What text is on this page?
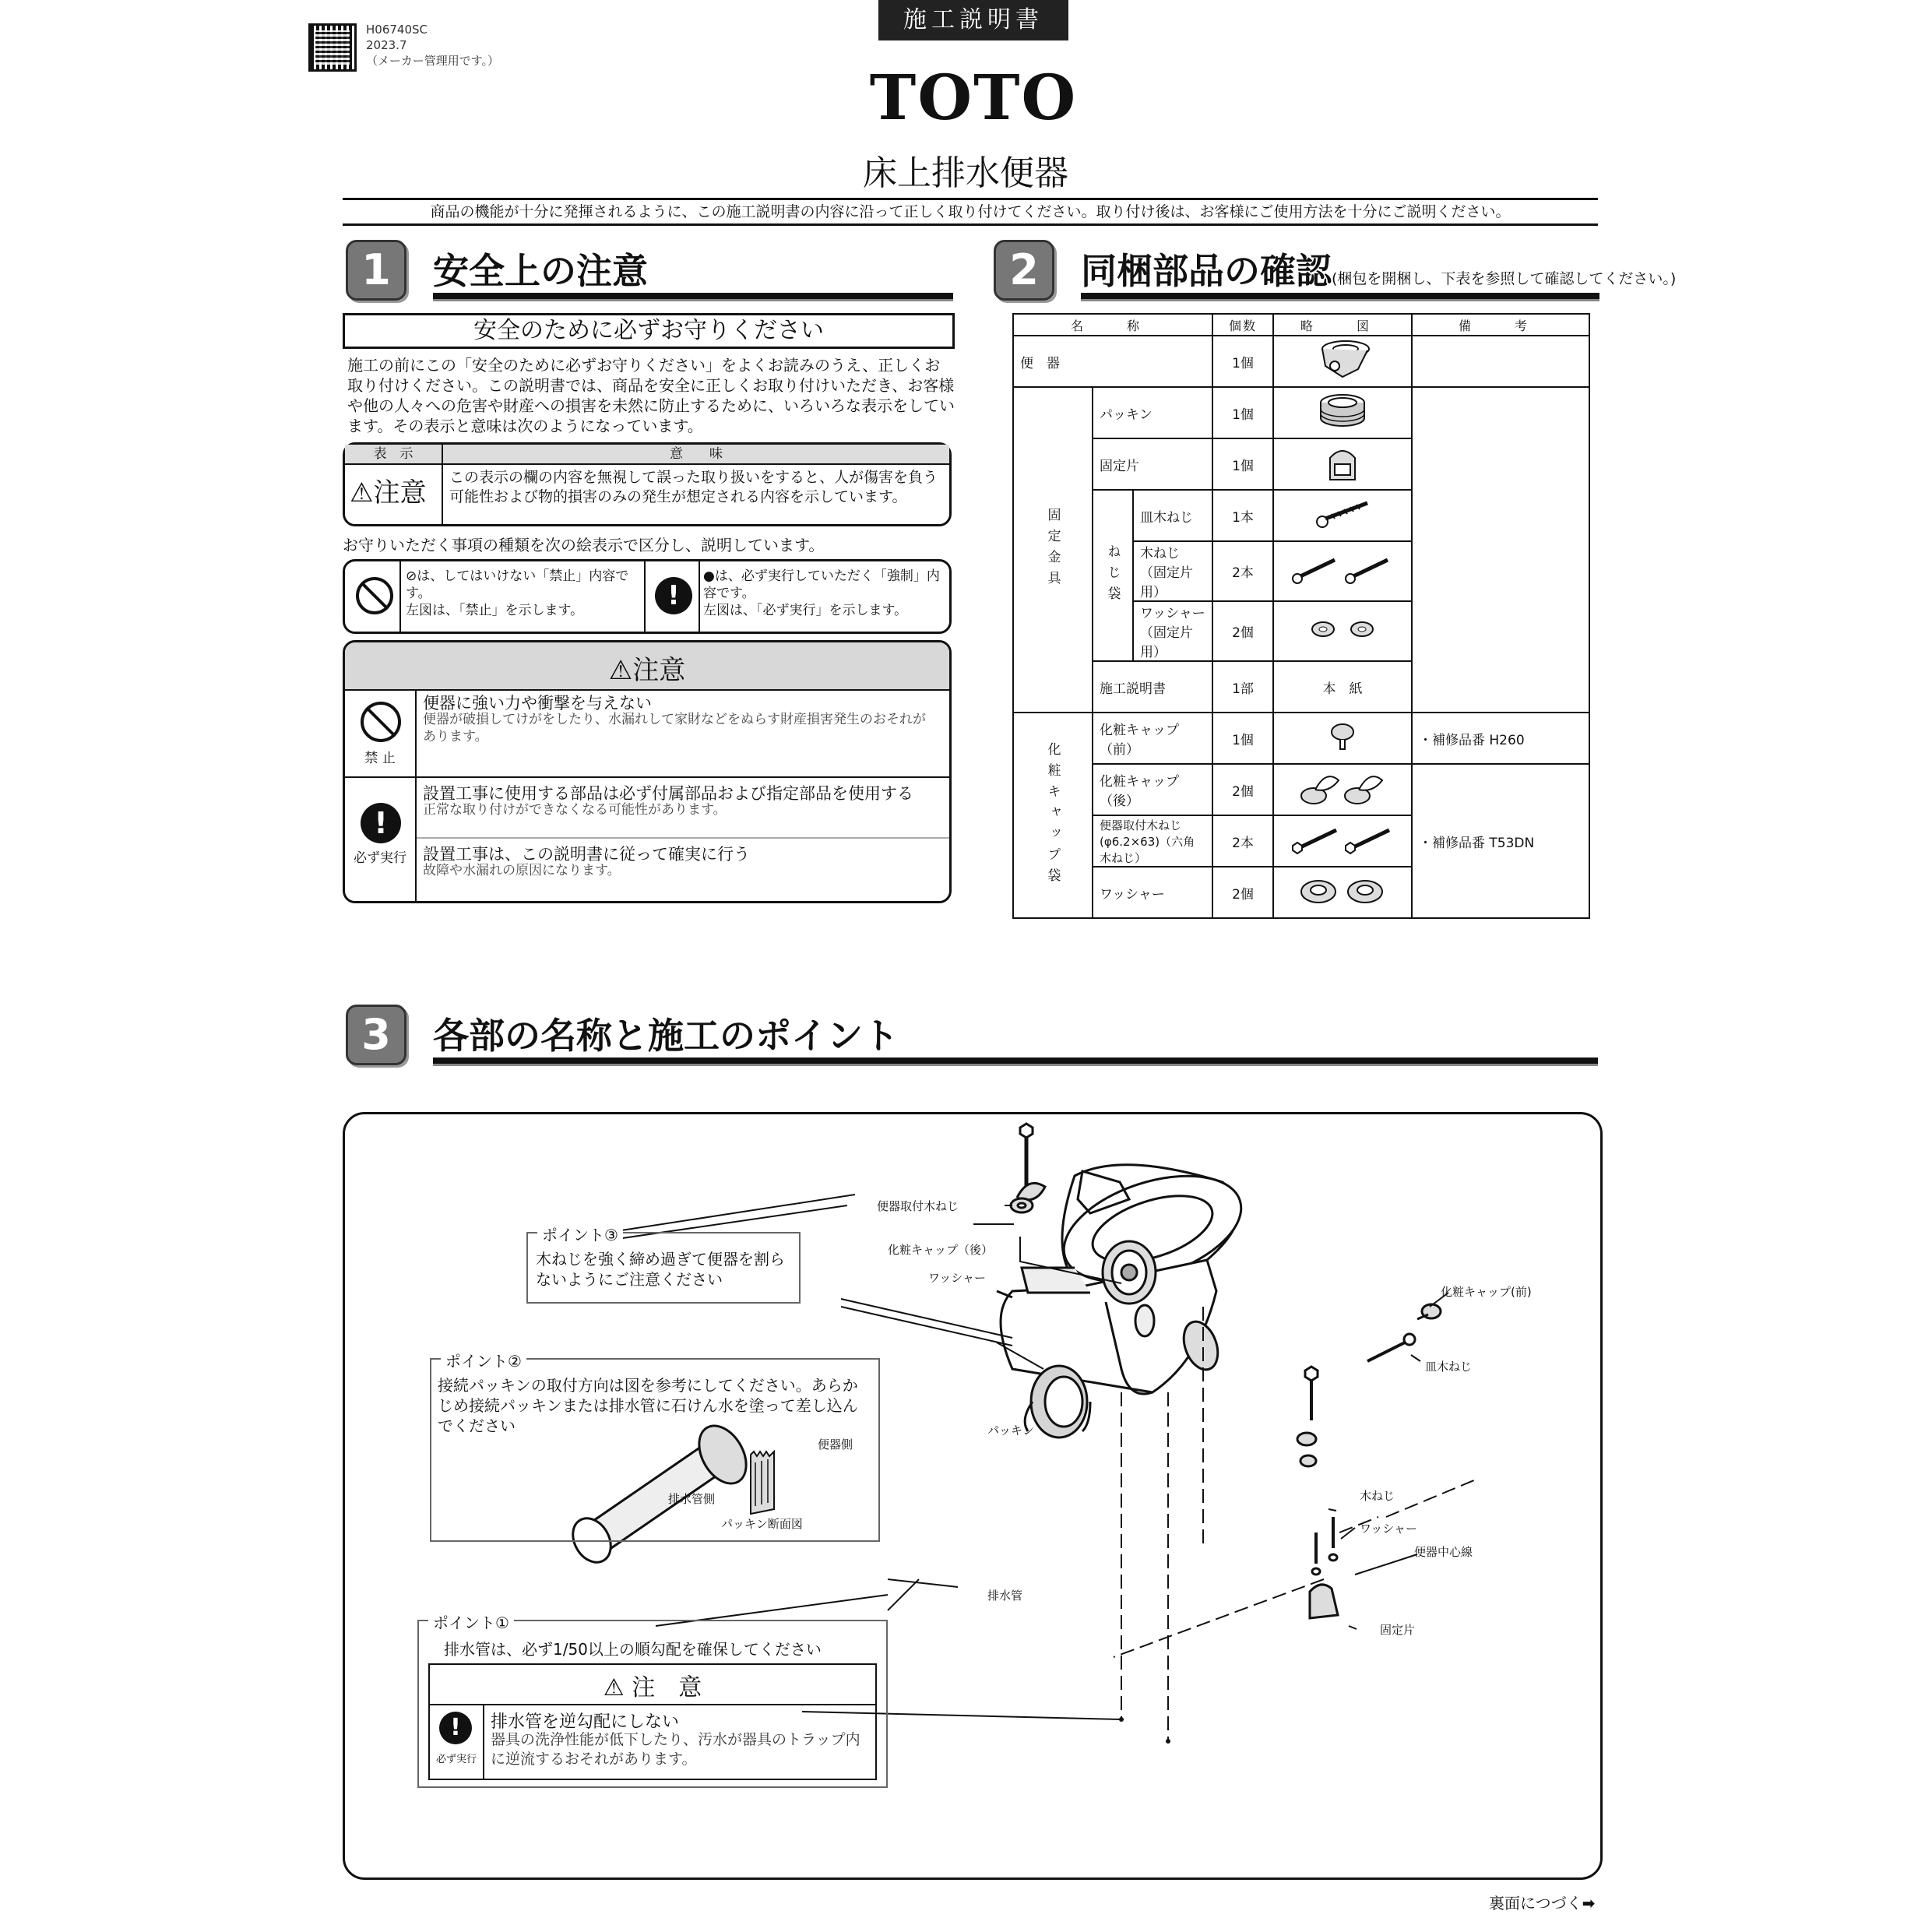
H06740SC
2023.7
（メーカー管理用です。）
施工説明書
TOTO
床上排水便器
商品の機能が十分に発揮されるように、この施工説明書の内容に沿って正しく取り付けてください。取り付け後は、お客様にご使用方法を十分にご説明ください。
1	安全上の注意
安全のために必ずお守りください
施工の前にこの「安全のために必ずお守りください」をよくお読みのうえ、正しくお取り付けください。この説明書では、商品を安全に正しくお取り付けいただき、お客様や他の人々への危害や財産への損害を未然に防止するために、いろいろな表示をしています。その表示と意味は次のようになっています。
表　示	意　　味
⚠注意 この表示の欄の内容を無視して誤った取り扱いをすると、人が傷害を負う可能性および物的損害のみの発生が想定される内容を示しています。
お守りいただく事項の種類を次の絵表示で区分し、説明しています。
⊘は、してはいけない「禁止」内容です。
左図は、「禁止」を示します。	!
●は、必ず実行していただく「強制」内容です。
左図は、「必ず実行」を示します。
⚠注意
禁 止
便器に強い力や衝撃を与えない
便器が破損してけがをしたり、水漏れして家財などをぬらす財産損害発生のおそれがあります。
!
必ず実行
設置工事に使用する部品は必ず付属部品および指定部品を使用する
正常な取り付けができなくなる可能性があります。
設置工事は、この説明書に従って確実に行う
故障や水漏れの原因になります。
2	同梱部品の確認(梱包を開梱し、下表を参照して確認してください。)
名　称			個数	略　図	備　考
便　器			1個		
固定金具	パッキン		1個		
	固定片		1個	
	ねじ袋	皿木ねじ	1本	
		木ねじ（固定片用）	2本	
		ワッシャー（固定片用）	2個	
	施工説明書		1部	本　紙	
化粧キャップ袋	化粧キャップ（前）		1個		・補修品番 H260
	化粧キャップ（後）		2個		・補修品番 T53DN
	便器取付木ねじ(φ6.2×63)（六角木ねじ）		2本	
	ワッシャー		2個	
3	各部の名称と施工のポイント
便器取付木ねじ
化粧キャップ（後）
ワッシャー
パッキン
排水管
化粧キャップ(前)
皿木ねじ
木ねじ
ワッシャー
便器中心線
固定片
ポイント③
木ねじを強く締め過ぎて便器を割らないようにご注意ください
ポイント②
接続パッキンの取付方向は図を参考にしてください。あらかじめ接続パッキンまたは排水管に石けん水を塗って差し込んでください
便器側
排水管側
パッキン断面図
ポイント①
排水管は、必ず1/50以上の順勾配を確保してください
⚠ 注　意
!
必ず実行
排水管を逆勾配にしない
器具の洗浄性能が低下したり、汚水が器具のトラップ内に逆流するおそれがあります。
裏面につづく➡
